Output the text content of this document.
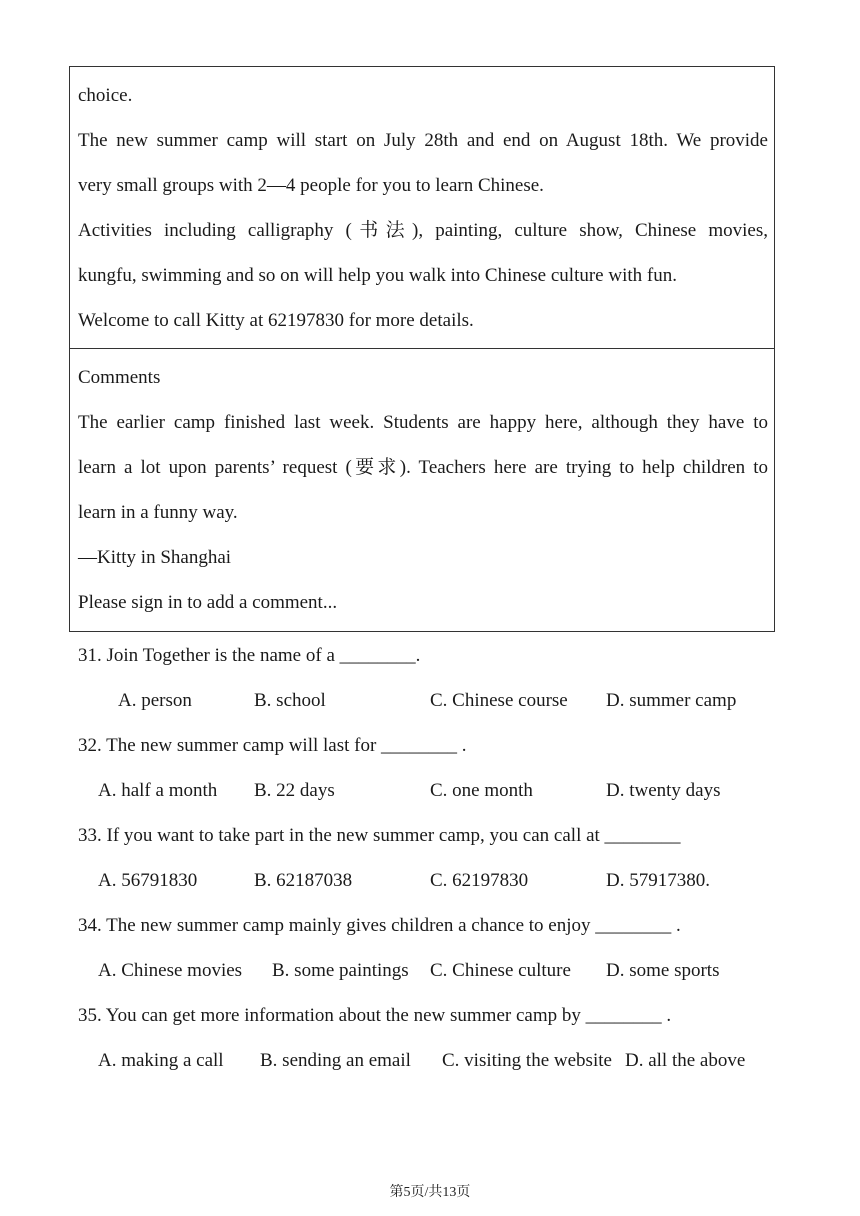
choice.
The new summer camp will start on July 28th and end on August 18th. We provide
very small groups with 2—4 people for you to learn Chinese.
Activities including calligraphy (书法), painting, culture show, Chinese movies,
kungfu, swimming and so on will help you walk into Chinese culture with fun.
Welcome to call Kitty at 62197830 for more details.
Comments
The earlier camp finished last week. Students are happy here, although they have to
learn a lot upon parents’ request (要求). Teachers here are trying to help children to
learn in a funny way.
—Kitty in Shanghai
Please sign in to add a comment...
31. Join Together is the name of a ________.
A. person	B. school	C. Chinese course D. summer camp
32. The new summer camp will last for ________ .
A. half a month B. 22 days	C. one month	D. twenty days
33. If you want to take part in the new summer camp, you can call at ________
A. 56791830	B. 62187038	C. 62197830	D. 57917380.
34. The new summer camp mainly gives children a chance to enjoy ________ .
A. Chinese movies B. some paintings C. Chinese culture D. some sports
35. You can get more information about the new summer camp by ________ .
A. making a call B. sending an email C. visiting the website D. all the above
第5页/共13页
